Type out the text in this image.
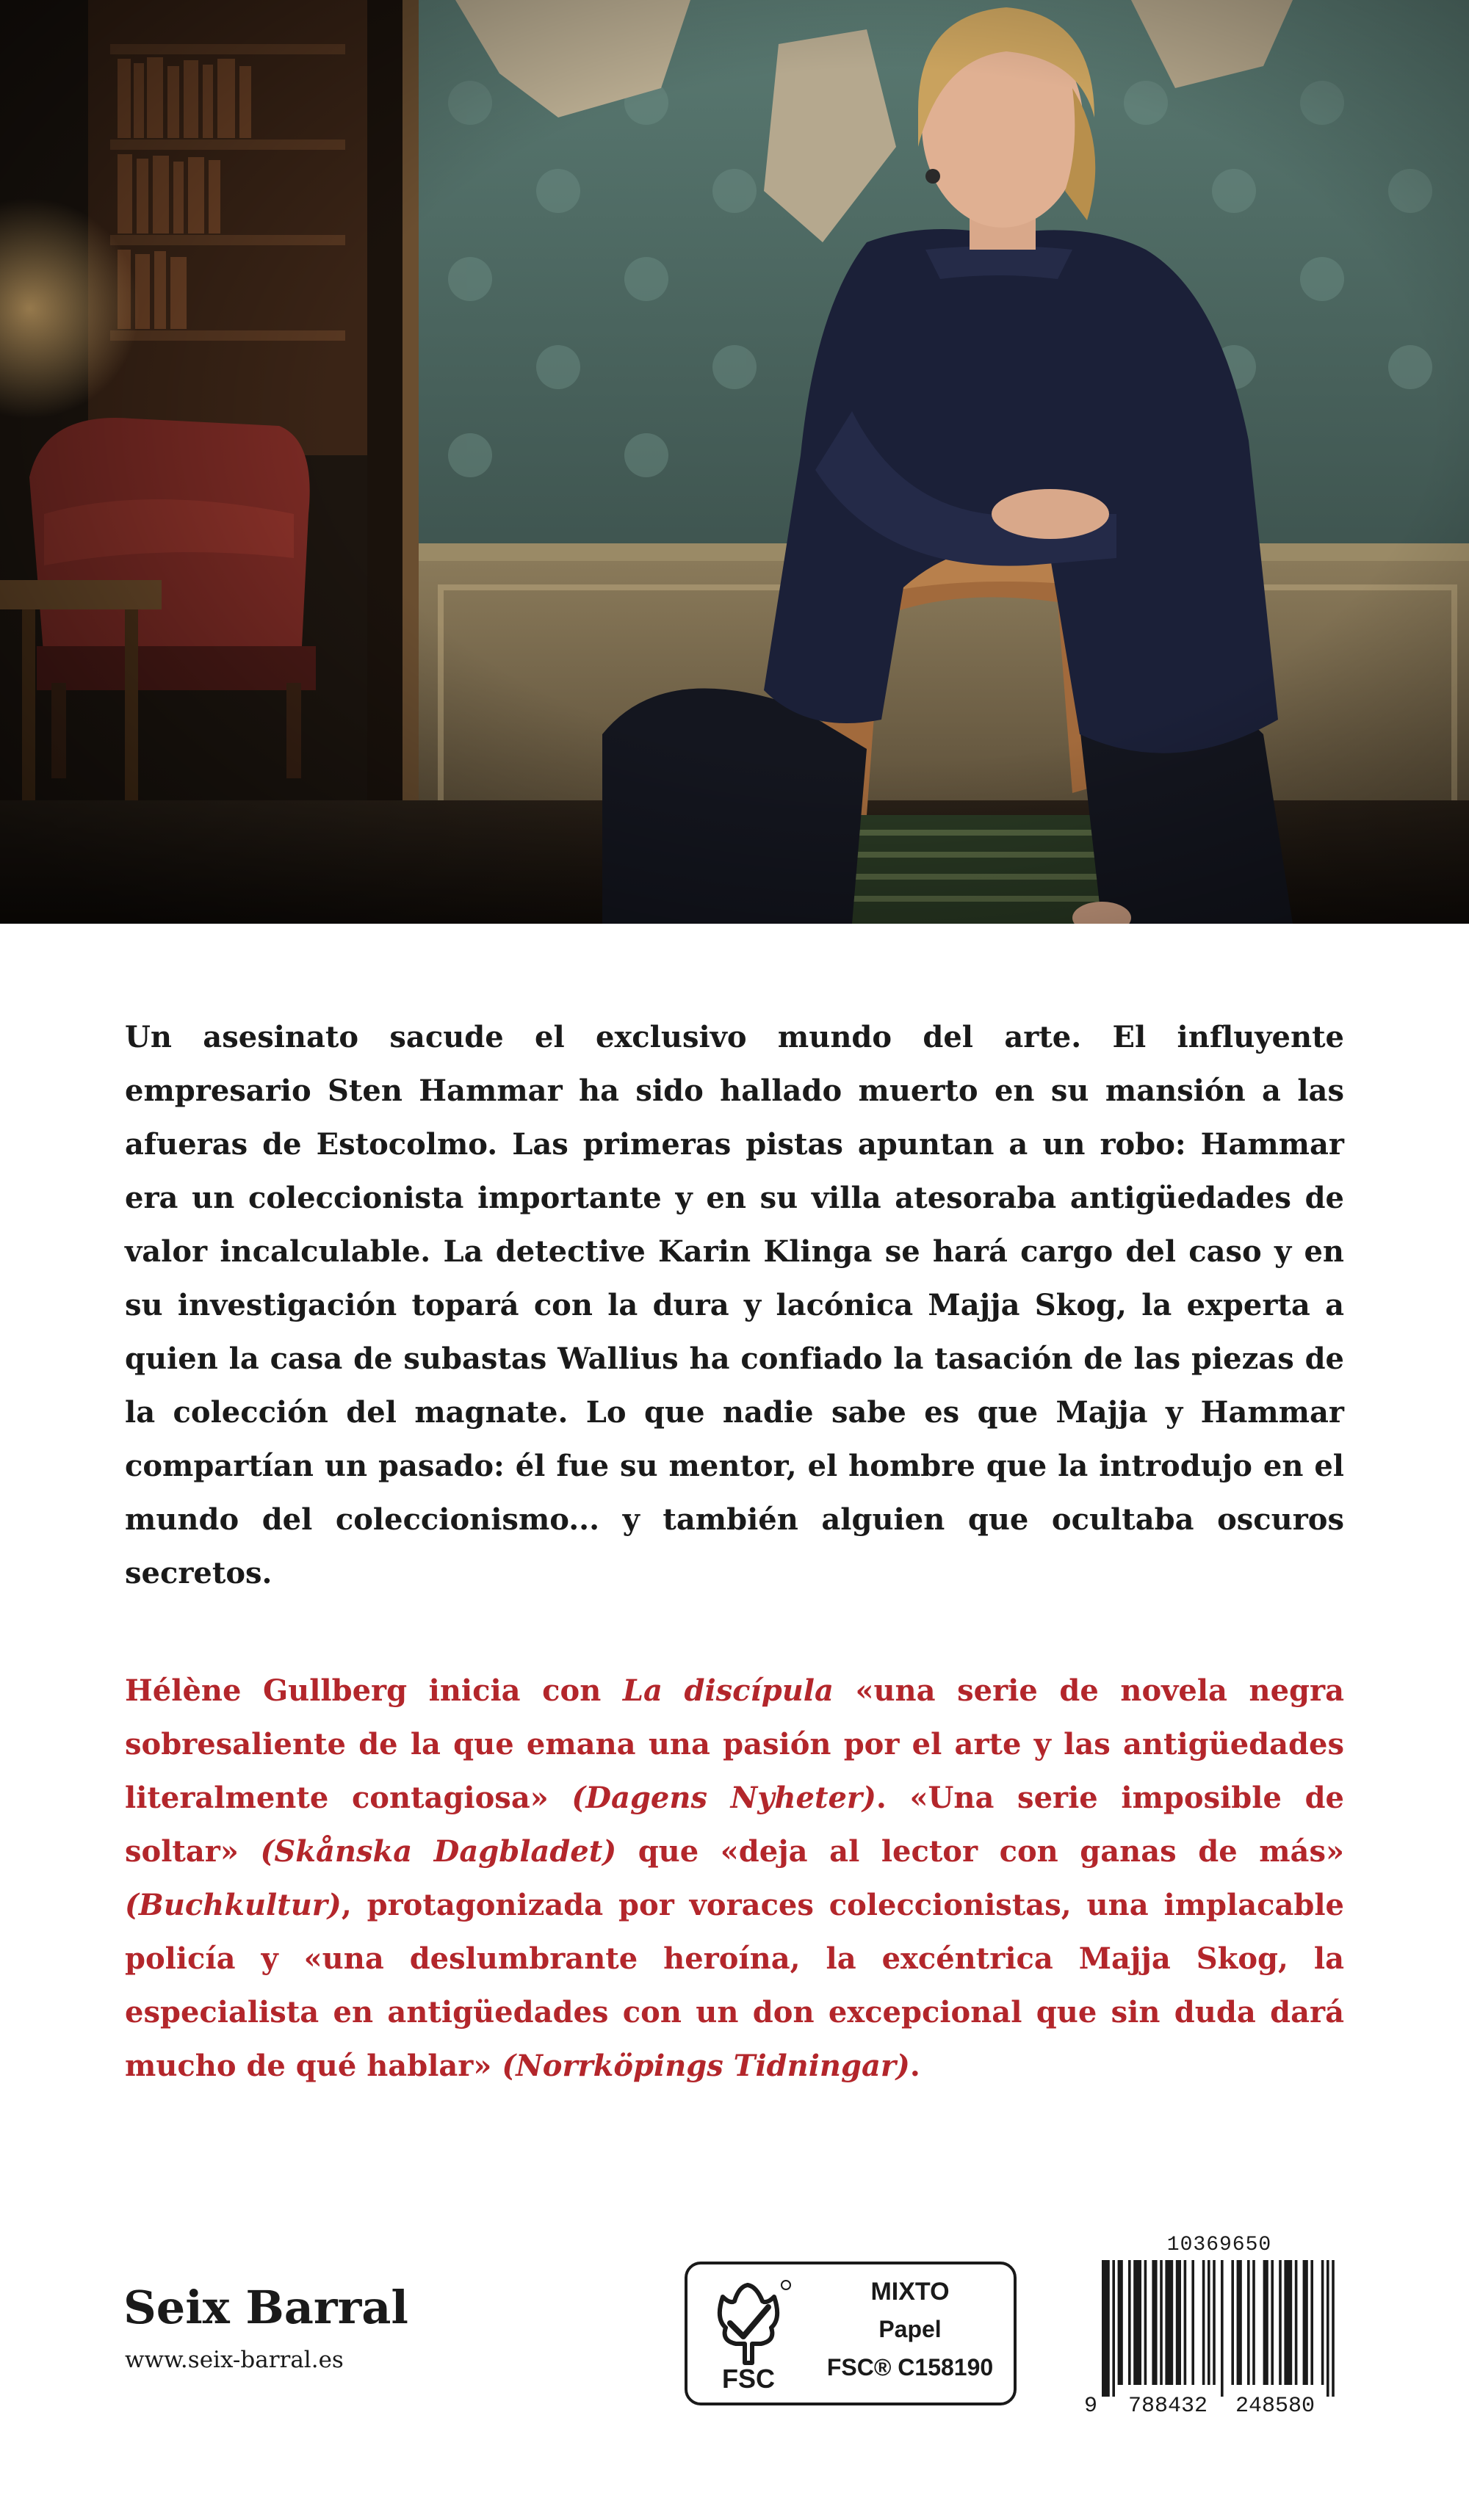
Un asesinato sacude el exclusivo mundo del arte. El influyente empresario Sten Hammar ha sido hallado muerto en su mansión a las afueras de Estocolmo. Las primeras pistas apuntan a un robo: Hammar era un coleccionista importante y en su villa atesoraba antigüedades de valor incalculable. La detective Karin Klinga se hará cargo del caso y en su investigación topará con la dura y lacónica Majja Skog, la experta a quien la casa de subastas Wallius ha confiado la tasación de las piezas de la colección del magnate. Lo que nadie sabe es que Majja y Hammar compartían un pasado: él fue su mentor, el hombre que la introdujo en el mundo del coleccionismo... y también alguien que ocultaba oscuros secretos.

Hélène Gullberg inicia con La discípula «una serie de novela negra sobresaliente de la que emana una pasión por el arte y las antigüedades literalmente contagiosa» (Dagens Nyheter). «Una serie imposible de soltar» (Skånska Dagbladet) que «deja al lector con ganas de más» (Buchkultur), protagonizada por voraces coleccionistas, una implacable policía y «una deslumbrante heroína, la excéntrica Majja Skog, la especialista en antigüedades con un don excepcional que sin duda dará mucho de qué hablar» (Norrköpings Tidningar).

Seix Barral
www.seix-barral.es
FSC
MIXTO
Papel
FSC® C158190
10369650
9 788432 248580
